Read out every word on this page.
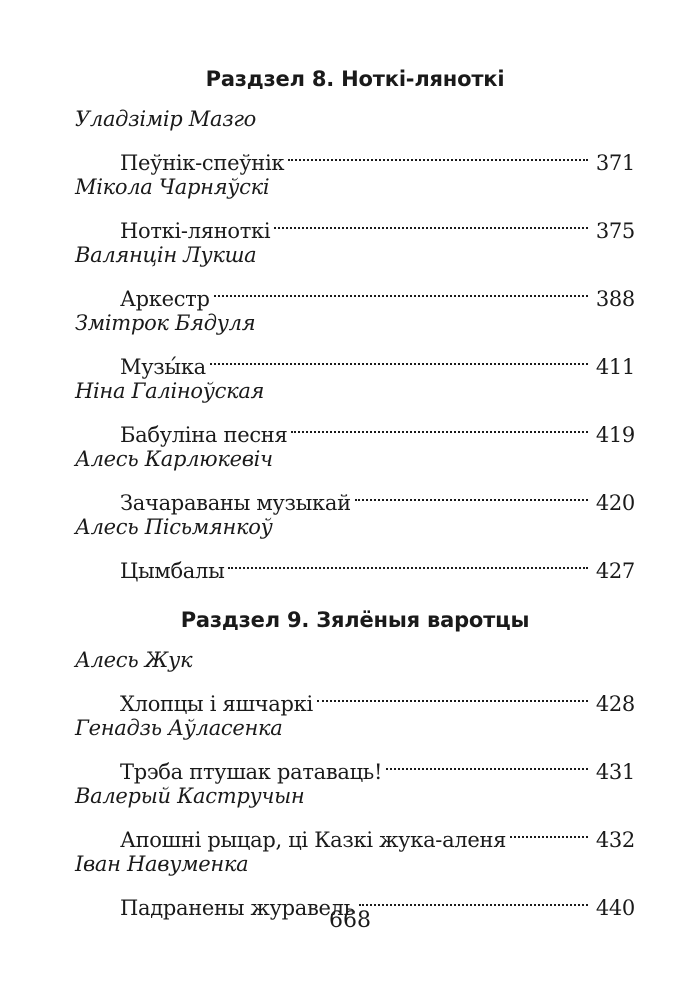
Раздзел 8. Ноткі-ляноткі
Уладзімір Мазго
Пеўнік-спеўнік	371
Мікола Чарняўскі
Ноткі-ляноткі	375
Валянцін Лукша
Аркестр	388
Змітрок Бядуля
Музы́ка	411
Ніна Галіноўская
Бабуліна песня	419
Алесь Карлюкевіч
Зачараваны музыкай	420
Алесь Пісьмянкоў
Цымбалы	427
Раздзел 9. Зялёныя варотцы
Алесь Жук
Хлопцы і яшчаркі	428
Генадзь Аўласенка
Трэба птушак ратаваць!	431
Валерый Кастручын
Апошні рыцар, ці Казкі жука-аленя	432
Іван Навуменка
Падранены журавель	440
668
